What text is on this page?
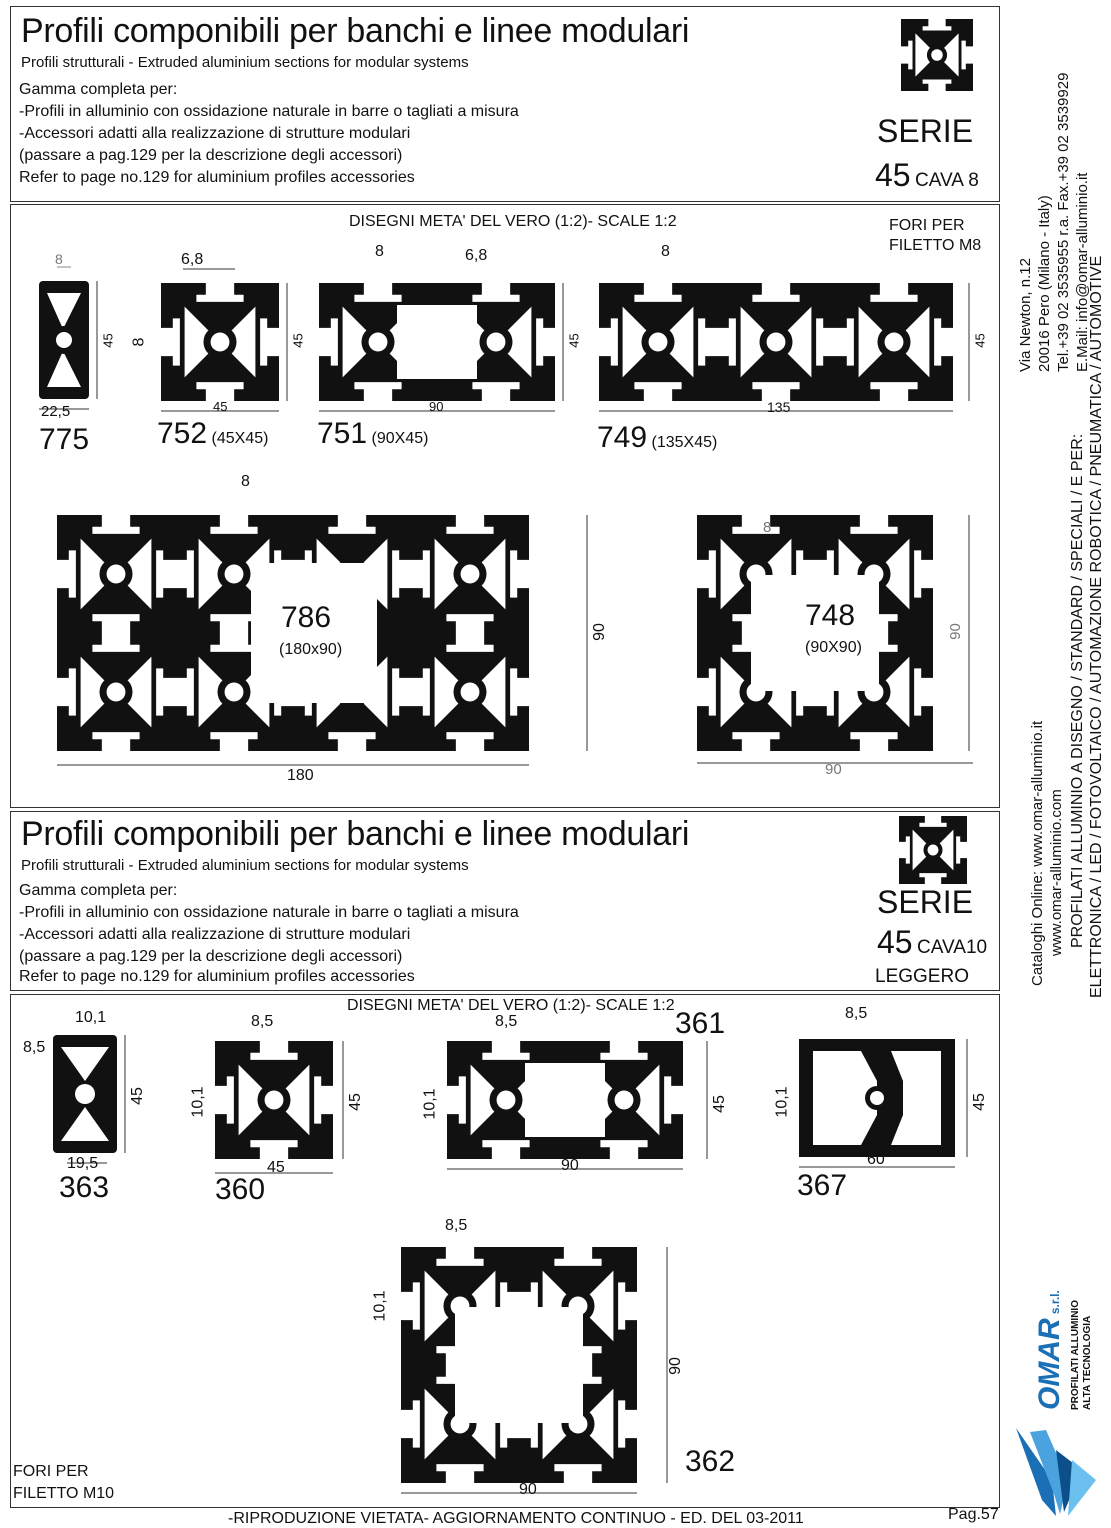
Profili componibili per banchi e linee modulari
Profili strutturali - Extruded aluminium sections for modular systems
Gamma completa per:
-Profili in alluminio con ossidazione naturale in barre o tagliati a misura
-Accessori adatti alla realizzazione di strutture modulari
(passare a pag.129 per la descrizione degli accessori)
Refer to page no.129 for aluminium profiles accessories
SERIE
45 CAVA 8
DISEGNI META' DEL VERO (1:2)- SCALE 1:2	FORI PER
FILETTO M8
8
45
22,5
775
6,8
8	45
45
752 (45X45)
8	6,8
45
90
751 (90X45)
8
45
135
749 (135X45)
8
90
180
786
(180x90)
8
90
90
748
(90X90)
Profili componibili per banchi e linee modulari
Profili strutturali - Extruded aluminium sections for modular systems
Gamma completa per:
-Profili in alluminio con ossidazione naturale in barre o tagliati a misura
-Accessori adatti alla realizzazione di strutture modulari
(passare a pag.129 per la descrizione degli accessori)
Refer to page no.129 for aluminium profiles accessories
SERIE
45 CAVA10
LEGGERO
DISEGNI META' DEL VERO (1:2)- SCALE 1:2
FORI PER
FILETTO M10
10,1
8,5
45
19,5
363
8,5
10,1	45
45
360
8,5
10,1	45
90
361	8,5
10,1	45
60
367
8,5
10,1
90
90
362
-RIPRODUZIONE VIETATA- AGGIORNAMENTO CONTINUO - ED. DEL 03-2011	Pag.57
Via Newton, n.12 20016 Pero (Milano - Italy) Tel.+39 02 3535955 r.a. Fax.+39 02 3539929 E.Mail: info@omar-alluminio.it
Cataloghi Online: www.omar-alluminio.it www.omar-alluminio.com PROFILATI ALLUMINIO A DISEGNO / STANDARD / SPECIALI / E PER: ELETTRONICA / LED / FOTOVOLTAICO / AUTOMAZIONE ROBOTICA / PNEUMATICA / AUTOMOTIVE
OMAR s.r.l. PROFILATI ALLUMINIO ALTA TECNOLOGIA
